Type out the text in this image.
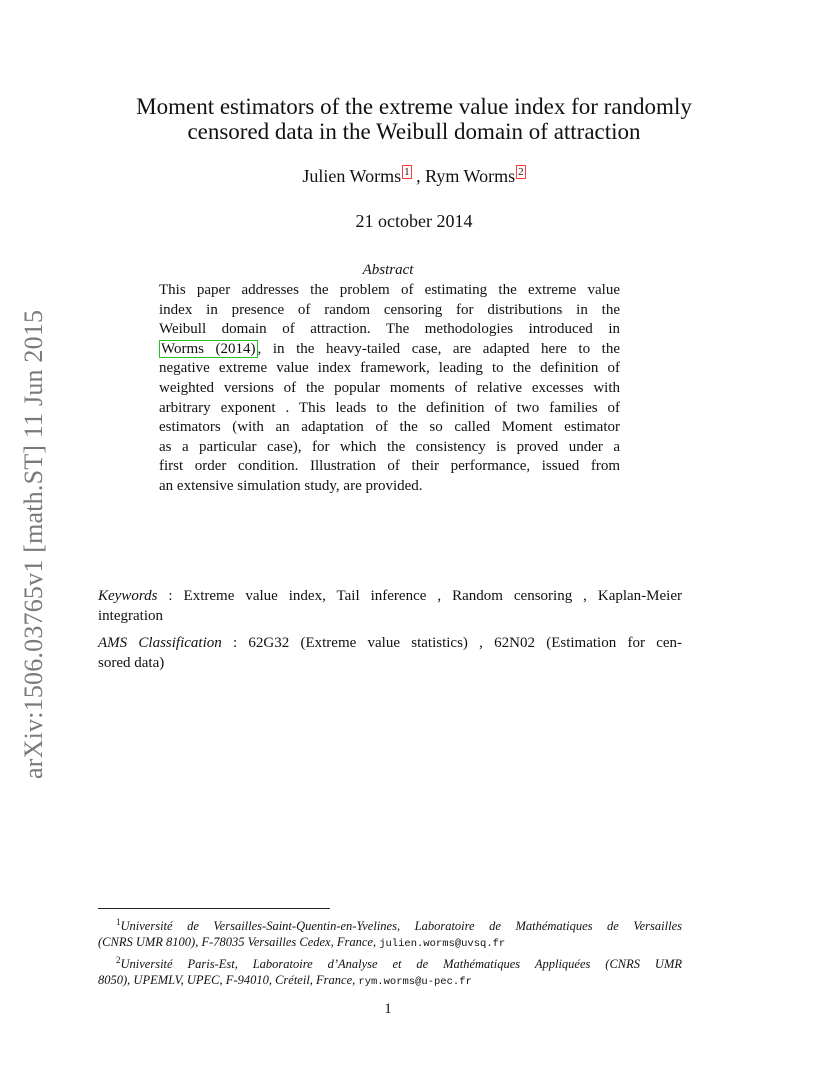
arXiv:1506.03765v1 [math.ST] 11 Jun 2015
Moment estimators of the extreme value index for randomly
censored data in the Weibull domain of attraction
Julien Worms 1 , Rym Worms 2
21 october 2014
Abstract
This paper addresses the problem of estimating the extreme value
index in presence of random censoring for distributions in the
Weibull domain of attraction. The methodologies introduced in
Worms (2014) , in the heavy-tailed case, are adapted here to the
negative extreme value index framework, leading to the definition of
weighted versions of the popular moments of relative excesses with
arbitrary exponent . This leads to the definition of two families of
estimators (with an adaptation of the so called Moment estimator
as a particular case), for which the consistency is proved under a
first order condition. Illustration of their performance, issued from
an extensive simulation study, are provided.
Keywords : Extreme value index, Tail inference , Random censoring , Kaplan-Meier
integration
AMS Classification : 62G32 (Extreme value statistics) , 62N02 (Estimation for cen-
sored data)
$^1$Université de Versailles-Saint-Quentin-en-Yvelines, Laboratoire de Mathématiques de Versailles
(CNRS UMR 8100), F-78035 Versailles Cedex, France, julien.worms@uvsq.fr
$^2$Université Paris-Est, Laboratoire d’Analyse et de Mathématiques Appliquées (CNRS UMR
8050), UPEMLV, UPEC, F-94010, Créteil, France, rym.worms@u-pec.fr
1
